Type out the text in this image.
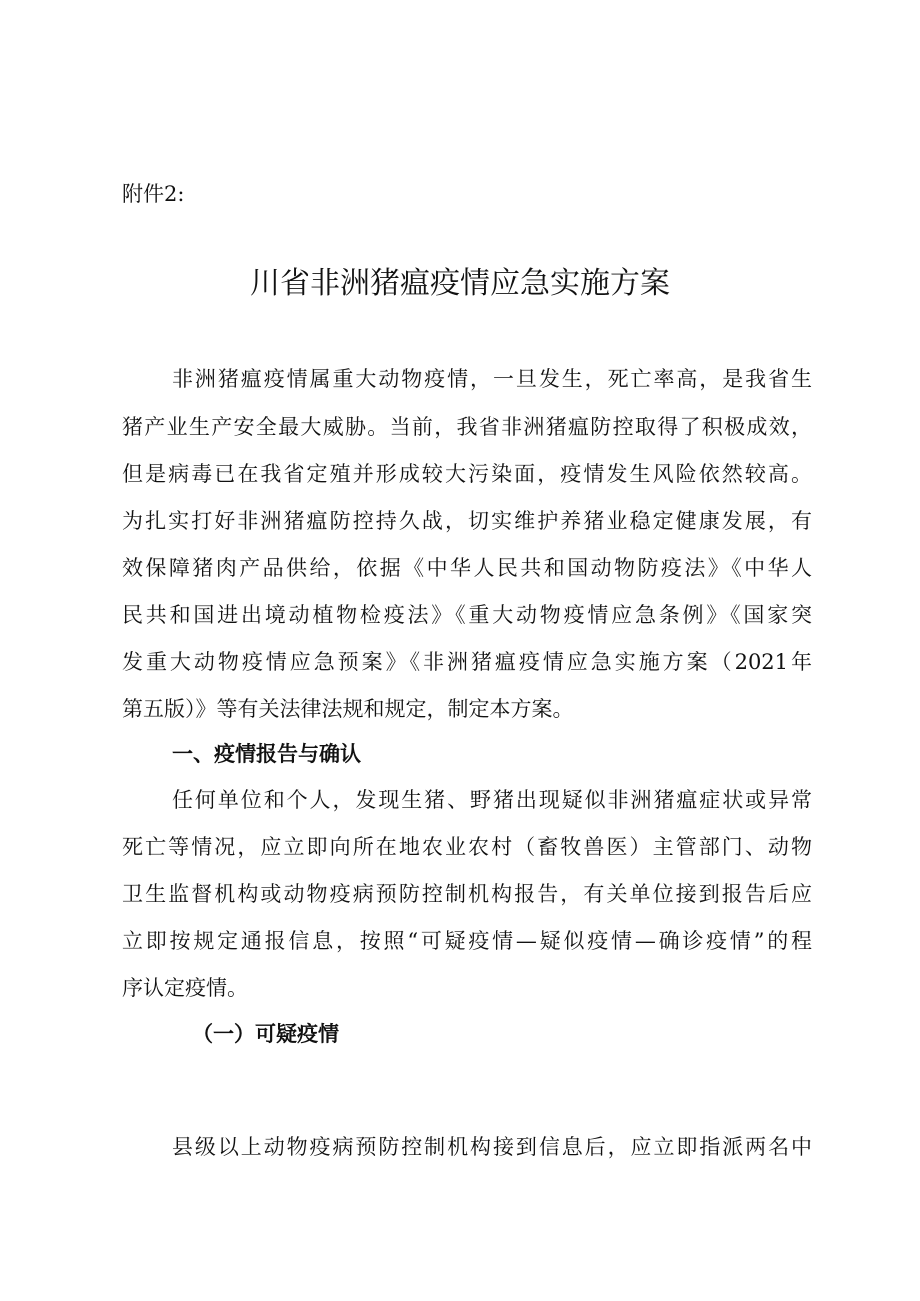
附件2:
川省非洲猪瘟疫情应急实施方案
非洲猪瘟疫情属重大动物疫情，一旦发生，死亡率高，是我省生
猪产业生产安全最大威胁。当前，我省非洲猪瘟防控取得了积极成效，
但是病毒已在我省定殖并形成较大污染面，疫情发生风险依然较高。
为扎实打好非洲猪瘟防控持久战，切实维护养猪业稳定健康发展，有
效保障猪肉产品供给，依据《中华人民共和国动物防疫法》《中华人
民共和国进出境动植物检疫法》《重大动物疫情应急条例》《国家突
发重大动物疫情应急预案》《非洲猪瘟疫情应急实施方案（2021年
第五版）》等有关法律法规和规定，制定本方案。
一、疫情报告与确认
任何单位和个人，发现生猪、野猪出现疑似非洲猪瘟症状或异常
死亡等情况，应立即向所在地农业农村（畜牧兽医）主管部门、动物
卫生监督机构或动物疫病预防控制机构报告，有关单位接到报告后应
立即按规定通报信息，按照“可疑疫情—疑似疫情—确诊疫情”的程
序认定疫情。
（一）可疑疫情
县级以上动物疫病预防控制机构接到信息后，应立即指派两名中
